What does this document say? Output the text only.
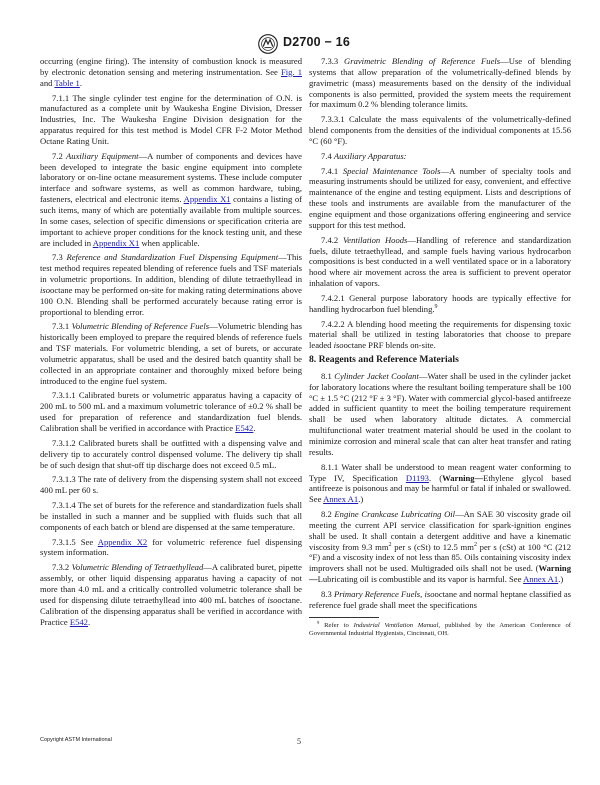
D2700 − 16
occurring (engine firing). The intensity of combustion knock is measured by electronic detonation sensing and metering instrumentation. See Fig. 1 and Table 1.
7.1.1 The single cylinder test engine for the determination of O.N. is manufactured as a complete unit by Waukesha Engine Division, Dresser Industries, Inc. The Waukesha Engine Division designation for the apparatus required for this test method is Model CFR F-2 Motor Method Octane Rating Unit.
7.2 Auxiliary Equipment—A number of components and devices have been developed to integrate the basic engine equipment into complete laboratory or on-line octane measurement systems. These include computer interface and software systems, as well as common hardware, tubing, fasteners, electrical and electronic items. Appendix X1 contains a listing of such items, many of which are potentially available from multiple sources. In some cases, selection of specific dimensions or specification criteria are important to achieve proper conditions for the knock testing unit, and these are included in Appendix X1 when applicable.
7.3 Reference and Standardization Fuel Dispensing Equipment—This test method requires repeated blending of reference fuels and TSF materials in volumetric proportions. In addition, blending of dilute tetraethyllead in isooctane may be performed on-site for making rating determinations above 100 O.N. Blending shall be performed accurately because rating error is proportional to blending error.
7.3.1 Volumetric Blending of Reference Fuels—Volumetric blending has historically been employed to prepare the required blends of reference fuels and TSF materials. For volumetric blending, a set of burets, or accurate volumetric apparatus, shall be used and the desired batch quantity shall be collected in an appropriate container and thoroughly mixed before being introduced to the engine fuel system.
7.3.1.1 Calibrated burets or volumetric apparatus having a capacity of 200 mL to 500 mL and a maximum volumetric tolerance of ±0.2 % shall be used for preparation of reference and standardization fuel blends. Calibration shall be verified in accordance with Practice E542.
7.3.1.2 Calibrated burets shall be outfitted with a dispensing valve and delivery tip to accurately control dispensed volume. The delivery tip shall be of such design that shut-off tip discharge does not exceed 0.5 mL.
7.3.1.3 The rate of delivery from the dispensing system shall not exceed 400 mL per 60 s.
7.3.1.4 The set of burets for the reference and standardization fuels shall be installed in such a manner and be supplied with fluids such that all components of each batch or blend are dispensed at the same temperature.
7.3.1.5 See Appendix X2 for volumetric reference fuel dispensing system information.
7.3.2 Volumetric Blending of Tetraethyllead—A calibrated buret, pipette assembly, or other liquid dispensing apparatus having a capacity of not more than 4.0 mL and a critically controlled volumetric tolerance shall be used for dispensing dilute tetraethyllead into 400 mL batches of isooctane. Calibration of the dispensing apparatus shall be verified in accordance with Practice E542.
7.3.3 Gravimetric Blending of Reference Fuels—Use of blending systems that allow preparation of the volumetrically-defined blends by gravimetric (mass) measurements based on the density of the individual components is also permitted, provided the system meets the requirement for maximum 0.2 % blending tolerance limits.
7.3.3.1 Calculate the mass equivalents of the volumetrically-defined blend components from the densities of the individual components at 15.56 °C (60 °F).
7.4 Auxiliary Apparatus:
7.4.1 Special Maintenance Tools—A number of specialty tools and measuring instruments should be utilized for easy, convenient, and effective maintenance of the engine and testing equipment. Lists and descriptions of these tools and instruments are available from the manufacturer of the engine equipment and those organizations offering engineering and service support for this test method.
7.4.2 Ventilation Hoods—Handling of reference and standardization fuels, dilute tetraethyllead, and sample fuels having various hydrocarbon compositions is best conducted in a well ventilated space or in a laboratory hood where air movement across the area is sufficient to prevent operator inhalation of vapors.
7.4.2.1 General purpose laboratory hoods are typically effective for handling hydrocarbon fuel blending.$^9$
7.4.2.2 A blending hood meeting the requirements for dispensing toxic material shall be utilized in testing laboratories that choose to prepare leaded isooctane PRF blends on-site.
8. Reagents and Reference Materials
8.1 Cylinder Jacket Coolant—Water shall be used in the cylinder jacket for laboratory locations where the resultant boiling temperature shall be 100 °C ± 1.5 °C (212 °F ± 3 °F). Water with commercial glycol-based antifreeze added in sufficient quantity to meet the boiling temperature requirement shall be used when laboratory altitude dictates. A commercial multifunctional water treatment material should be used in the coolant to minimize corrosion and mineral scale that can alter heat transfer and rating results.
8.1.1 Water shall be understood to mean reagent water conforming to Type IV, Specification D1193. (Warning—Ethylene glycol based antifreeze is poisonous and may be harmful or fatal if inhaled or swallowed. See Annex A1.)
8.2 Engine Crankcase Lubricating Oil—An SAE 30 viscosity grade oil meeting the current API service classification for spark-ignition engines shall be used. It shall contain a detergent additive and have a kinematic viscosity from 9.3 $mm^2$ per s (cSt) to 12.5 $mm^2$ per s (cSt) at 100 °C (212 °F) and a viscosity index of not less than 85. Oils containing viscosity index improvers shall not be used. Multigraded oils shall not be used. (Warning—Lubricating oil is combustible and its vapor is harmful. See Annex A1.)
8.3 Primary Reference Fuels, isooctane and normal heptane classified as reference fuel grade shall meet the specifications
$^9$ Refer to Industrial Ventilation Manual, published by the American Conference of Governmental Industrial Hygienists, Cincinnati, OH.
Copyright ASTM International	5
